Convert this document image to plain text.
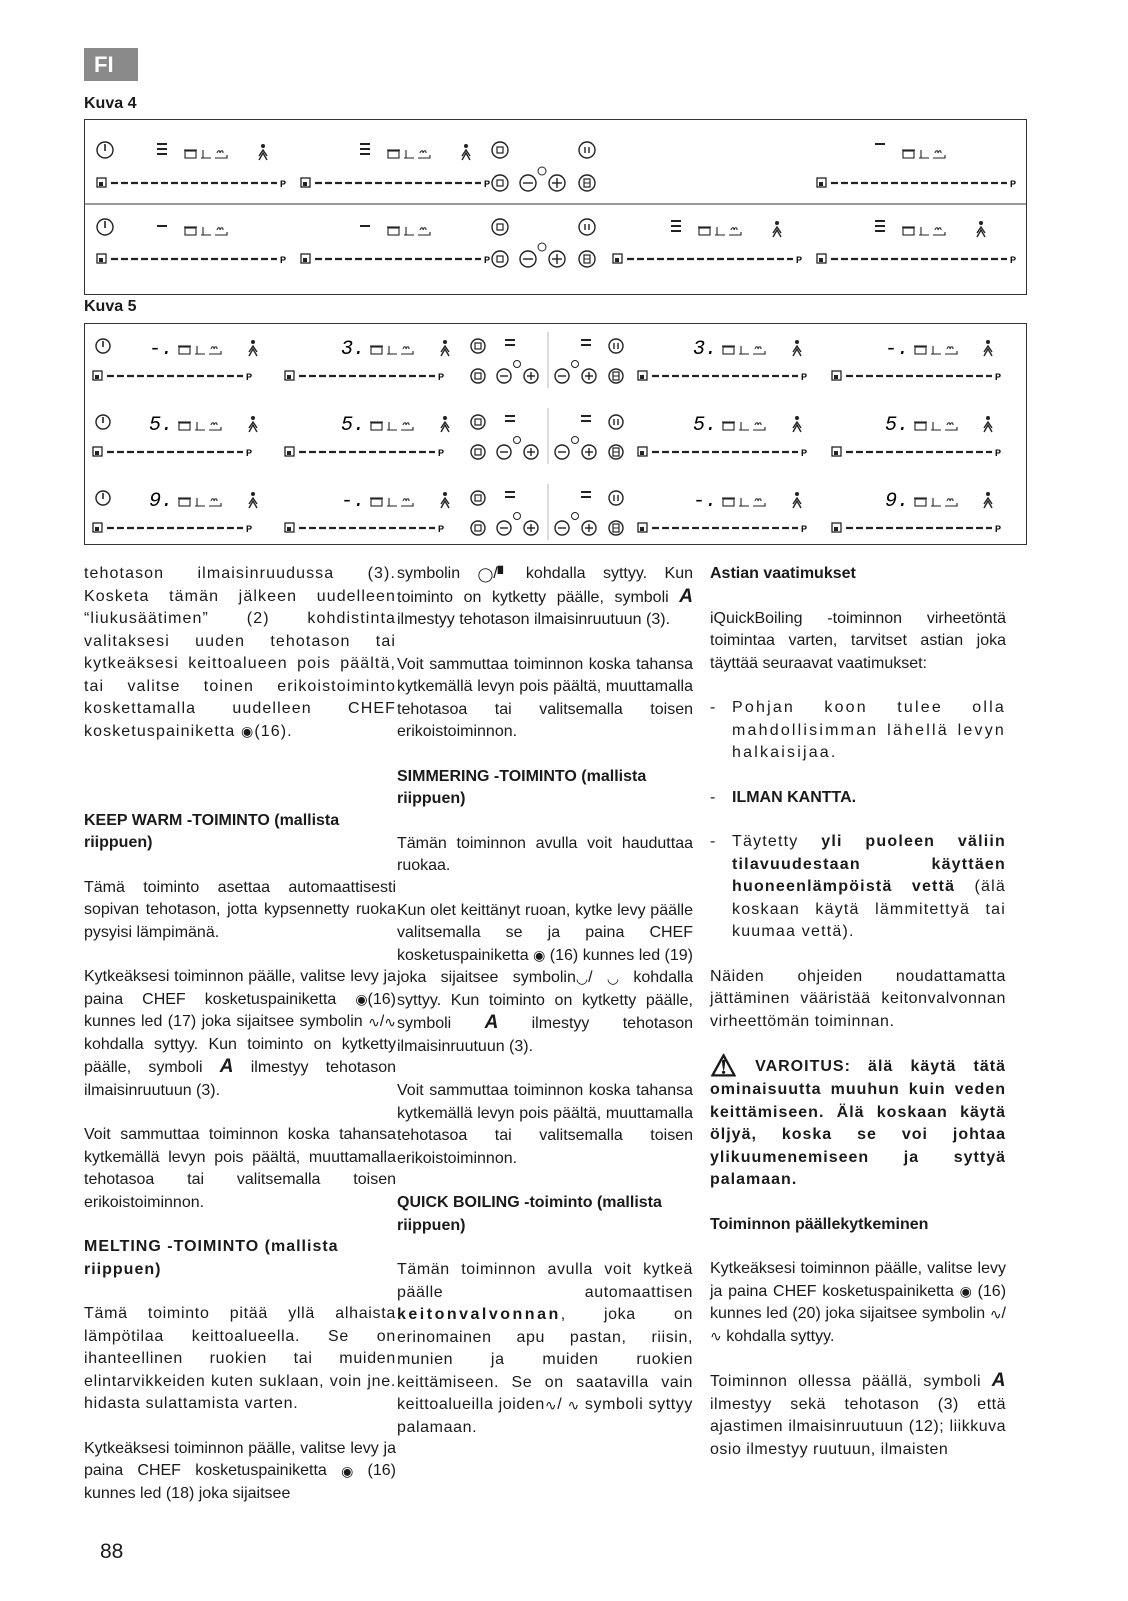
FI
Kuva 4
P	P	P
P	P	P	P
Kuva 5
-.	3.	3.	-.
P	P	P	P
5.	5.	5.	5.
P	P	P	P
9.	-.	-.	9.
P	P	P	P

tehotason ilmaisinruudussa (3). Kosketa tämän jälkeen uudelleen “liukusäätimen” (2) kohdistinta valitaksesi uuden tehotason tai kytkeäksesi keittoalueen pois päältä, tai valitse toinen erikoistoiminto koskettamalla uudelleen CHEF kosketuspainiketta ◉(16).

KEEP WARM -TOIMINTO (mallista riippuen)

Tämä toiminto asettaa automaattisesti sopivan tehotason, jotta kypsennetty ruoka pysyisi lämpimänä.

Kytkeäksesi toiminnon päälle, valitse levy ja paina CHEF kosketuspainiketta ◉(16) kunnes led (17) joka sijaitsee symbolin ∿/∿ kohdalla syttyy. Kun toiminto on kytketty päälle, symboli A ilmestyy tehotason ilmaisinruutuun (3).

Voit sammuttaa toiminnon koska tahansa kytkemällä levyn pois päältä, muuttamalla tehotasoa tai valitsemalla toisen erikoistoiminnon.

MELTING -TOIMINTO (mallista riippuen)

Tämä toiminto pitää yllä alhaista lämpötilaa keittoalueella. Se on ihanteellinen ruokien tai muiden elintarvikkeiden kuten suklaan, voin jne. hidasta sulattamista varten.

Kytkeäksesi toiminnon päälle, valitse levy ja paina CHEF kosketuspainiketta ◉ (16) kunnes led (18) joka sijaitsee

symbolin ◯/▘ kohdalla syttyy. Kun toiminto on kytketty päälle, symboli A ilmestyy tehotason ilmaisinruutuun (3).

Voit sammuttaa toiminnon koska tahansa kytkemällä levyn pois päältä, muuttamalla tehotasoa tai valitsemalla toisen erikoistoiminnon.

SIMMERING -TOIMINTO (mallista riippuen)

Tämän toiminnon avulla voit hauduttaa ruokaa.

Kun olet keittänyt ruoan, kytke levy päälle valitsemalla se ja paina CHEF kosketuspainiketta ◉ (16) kunnes led (19) joka sijaitsee symbolin◡/ ◡ kohdalla syttyy. Kun toiminto on kytketty päälle, symboli A ilmestyy tehotason ilmaisinruutuun (3).

Voit sammuttaa toiminnon koska tahansa kytkemällä levyn pois päältä, muuttamalla tehotasoa tai valitsemalla toisen erikoistoiminnon.

QUICK BOILING -toiminto (mallista riippuen)

Tämän toiminnon avulla voit kytkeä päälle automaattisen keitonvalvonnan, joka on erinomainen apu pastan, riisin, munien ja muiden ruokien keittämiseen. Se on saatavilla vain keittoalueilla joiden∿/ ∿ symboli syttyy palamaan.

Astian vaatimukset

iQuickBoiling -toiminnon virheetöntä toimintaa varten, tarvitset astian joka täyttää seuraavat vaatimukset:

-	Pohjan koon tulee olla mahdollisimman lähellä levyn halkaisijaa.
-	ILMAN KANTTA.
-	Täytetty yli puoleen väliin tilavuudestaan käyttäen huoneenlämpöistä vettä (älä koskaan käytä lämmitettyä tai kuumaa vettä).

Näiden ohjeiden noudattamatta jättäminen vääristää keitonvalvonnan virheettömän toiminnan.

⚠ VAROITUS: älä käytä tätä ominaisuutta muuhun kuin veden keittämiseen. Älä koskaan käytä öljyä, koska se voi johtaa ylikuumenemiseen ja syttyä palamaan.

Toiminnon päällekytkeminen

Kytkeäksesi toiminnon päälle, valitse levy ja paina CHEF kosketuspainiketta ◉ (16) kunnes led (20) joka sijaitsee symbolin ∿/ ∿ kohdalla syttyy.

Toiminnon ollessa päällä, symboli A ilmestyy sekä tehotason (3) että ajastimen ilmaisinruutuun (12); liikkuva osio ilmestyy ruutuun, ilmaisten

88
